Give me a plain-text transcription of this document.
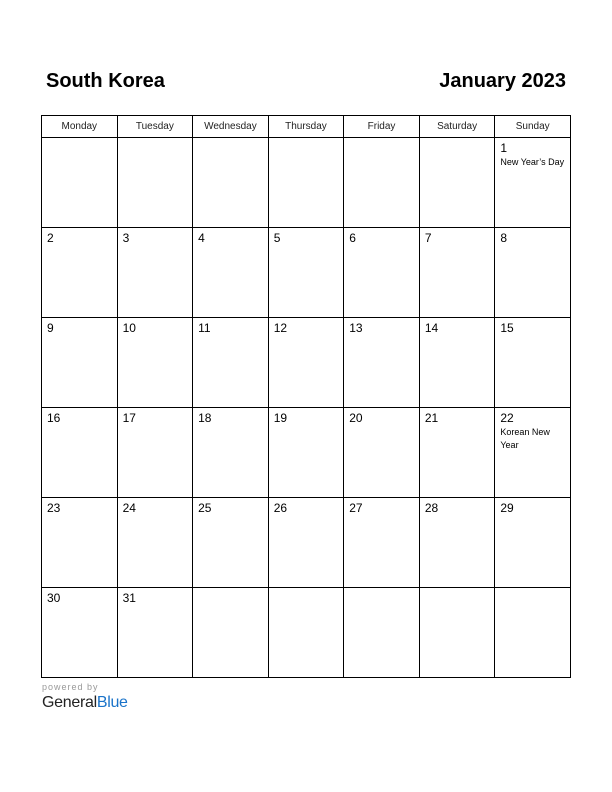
South Korea	January 2023
Monday	Tuesday	Wednesday	Thursday	Friday	Saturday	Sunday

						1
New Year’s Day

2	3	4	5	6	7	8

9	10	11	12	13	14	15

16	17	18	19	20	21	22
Korean New Year

23	24	25	26	27	28	29

30	31					

powered by
GeneralBlue
